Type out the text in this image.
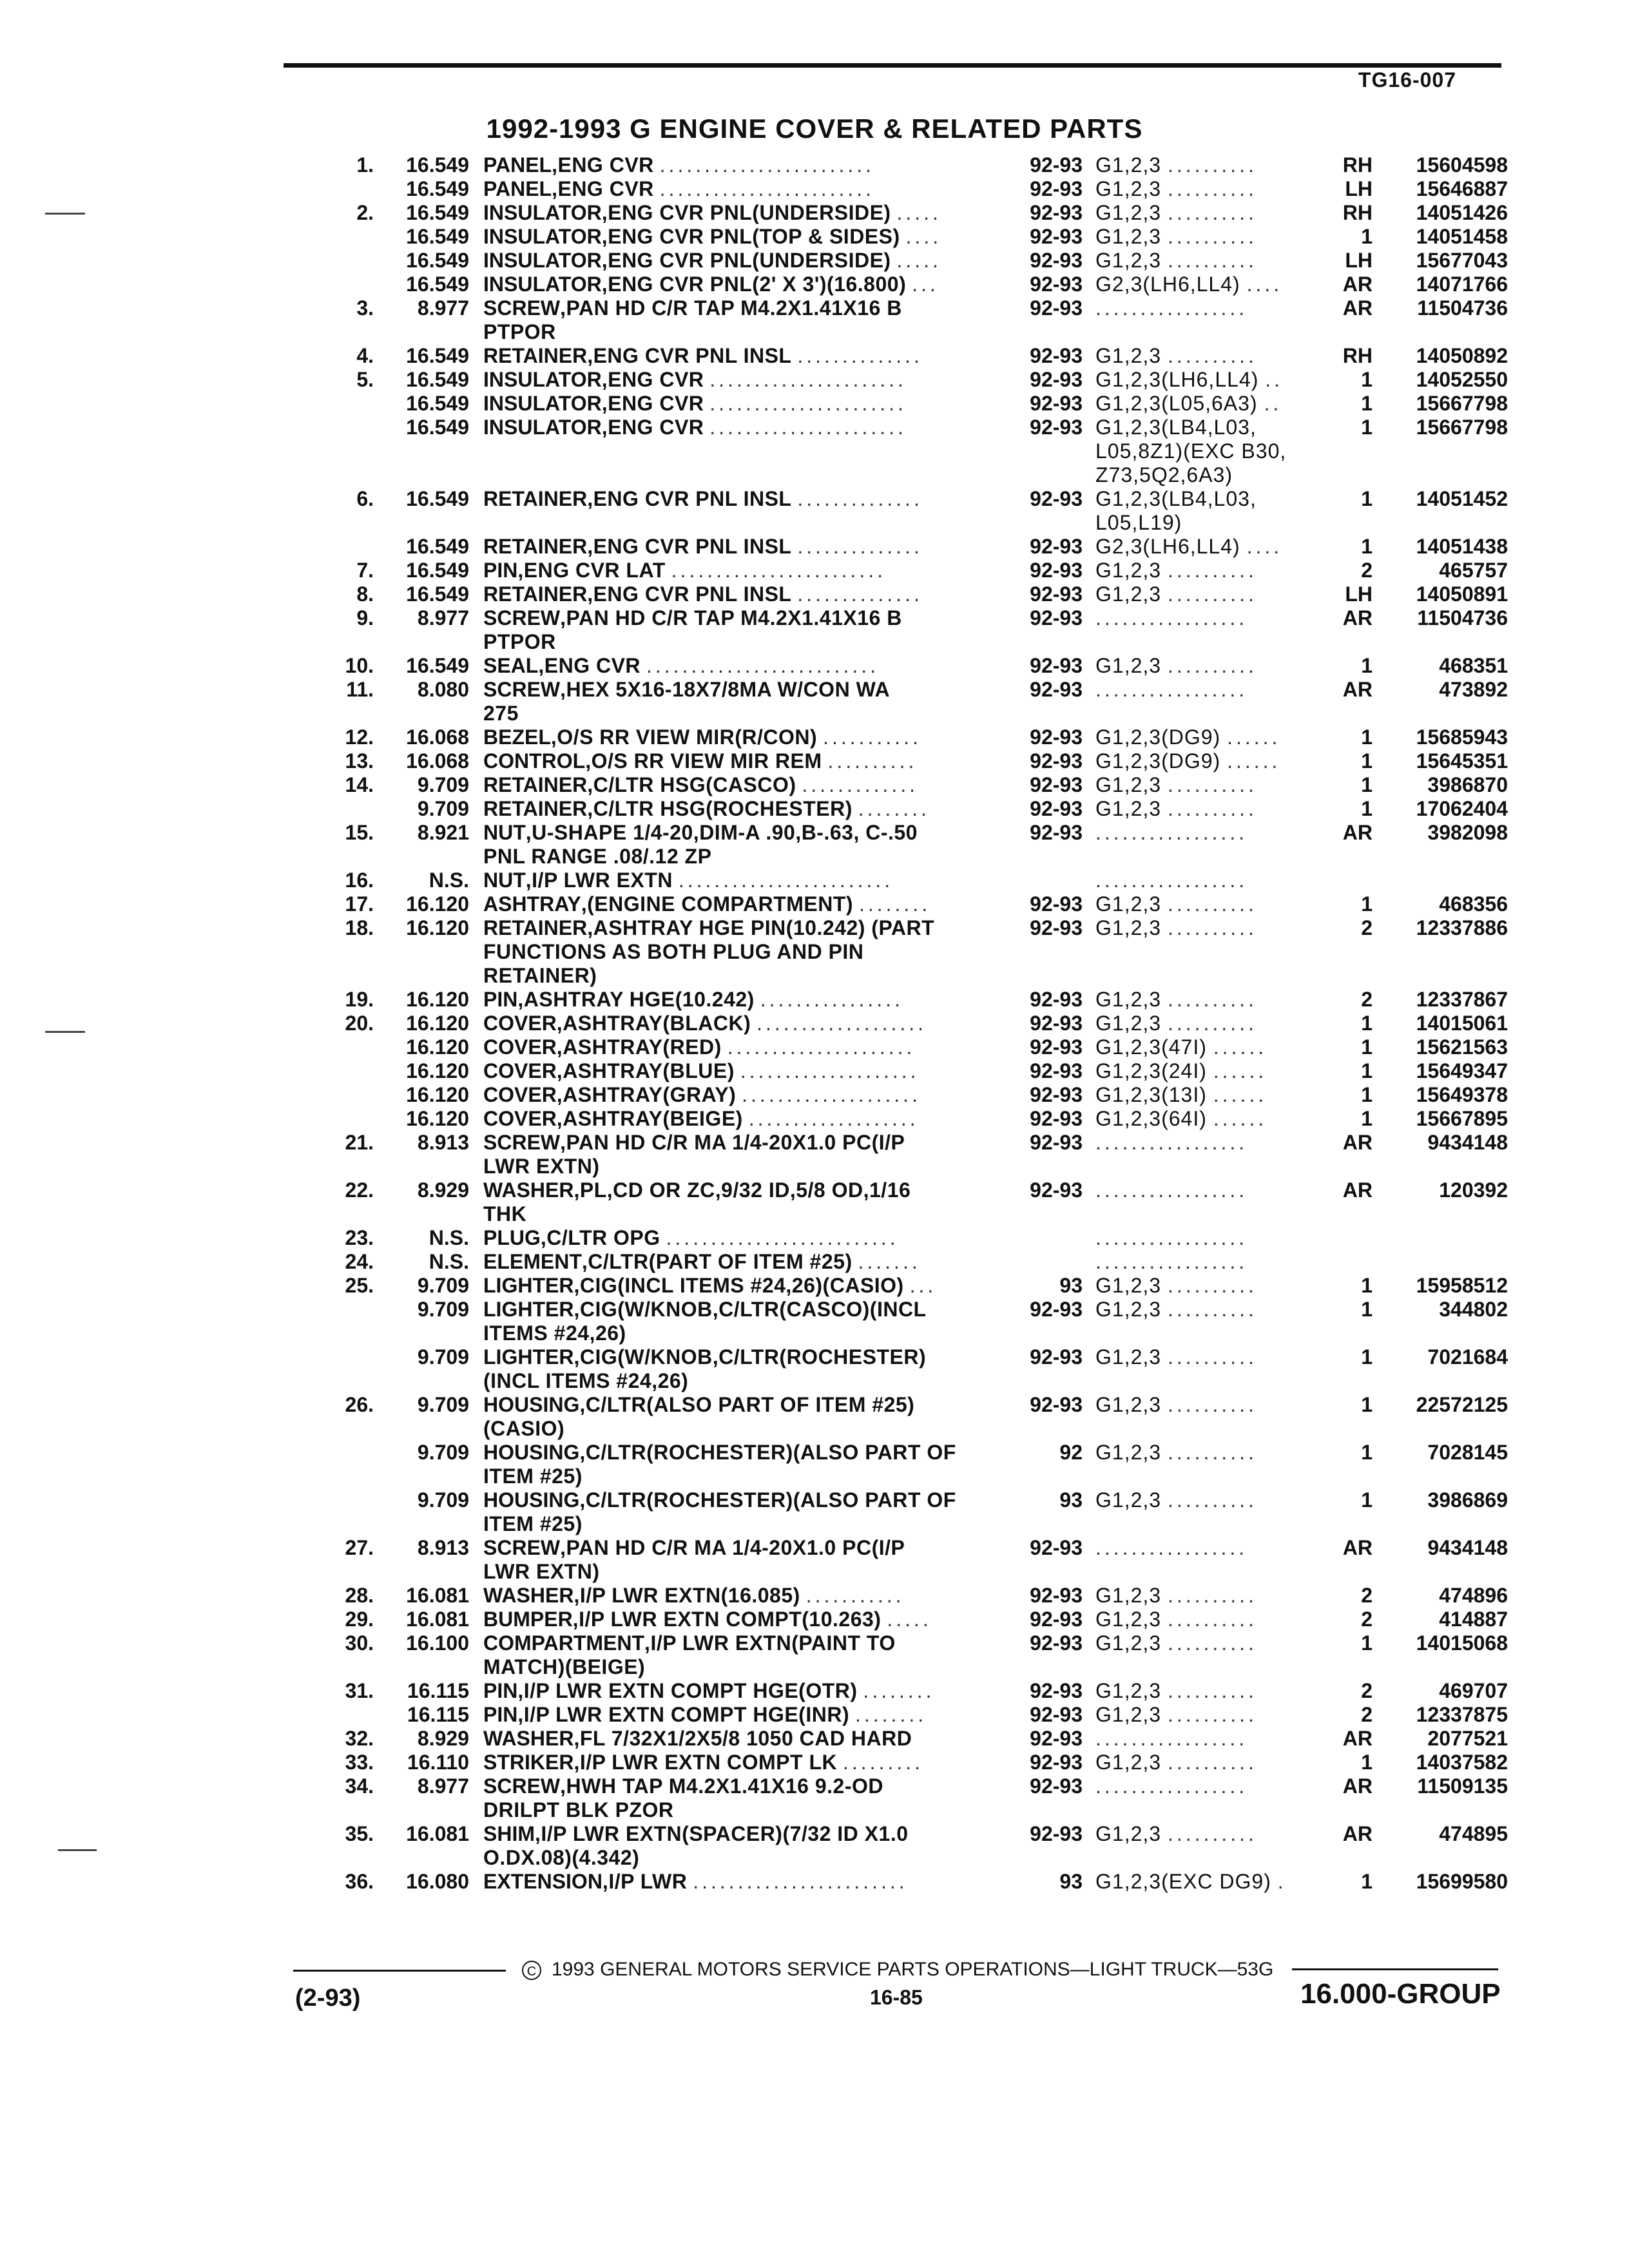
TG16-007
1992-1993 G ENGINE COVER & RELATED PARTS
1.	16.549 PANEL,ENG CVR ........................	92-93 G1,2,3 ..........	RH	15604598
16.549 PANEL,ENG CVR ........................	92-93 G1,2,3 ..........	LH	15646887
2.	16.549 INSULATOR,ENG CVR PNL(UNDERSIDE) .....	92-93 G1,2,3 ..........	RH	14051426
16.549 INSULATOR,ENG CVR PNL(TOP & SIDES) ....	92-93 G1,2,3 ..........	1	14051458
16.549 INSULATOR,ENG CVR PNL(UNDERSIDE) .....	92-93 G1,2,3 ..........	LH	15677043
16.549 INSULATOR,ENG CVR PNL(2' X 3')(16.800) ...	92-93 G2,3(LH6,LL4) ....	AR	14071766
3.	8.977 SCREW,PAN HD C/R TAP M4.2X1.41X16 B	92-93 .................	AR	11504736
PTPOR
4.	16.549 RETAINER,ENG CVR PNL INSL ..............	92-93 G1,2,3 ..........	RH	14050892
5.	16.549 INSULATOR,ENG CVR ......................	92-93 G1,2,3(LH6,LL4) ..	1	14052550
16.549 INSULATOR,ENG CVR ......................	92-93 G1,2,3(L05,6A3) ..	1	15667798
16.549 INSULATOR,ENG CVR ......................	92-93 G1,2,3(LB4,L03,	1	15667798
L05,8Z1)(EXC B30,
Z73,5Q2,6A3)
6.	16.549 RETAINER,ENG CVR PNL INSL ..............	92-93 G1,2,3(LB4,L03,	1	14051452
L05,L19)
16.549 RETAINER,ENG CVR PNL INSL ..............	92-93 G2,3(LH6,LL4) ....	1	14051438
7.	16.549 PIN,ENG CVR LAT ........................	92-93 G1,2,3 ..........	2	465757
8.	16.549 RETAINER,ENG CVR PNL INSL ..............	92-93 G1,2,3 ..........	LH	14050891
9.	8.977 SCREW,PAN HD C/R TAP M4.2X1.41X16 B	92-93 .................	AR	11504736
PTPOR
10.	16.549 SEAL,ENG CVR ..........................	92-93 G1,2,3 ..........	1	468351
11.	8.080 SCREW,HEX 5X16-18X7/8MA W/CON WA	92-93 .................	AR	473892
275
12.	16.068 BEZEL,O/S RR VIEW MIR(R/CON) ...........	92-93 G1,2,3(DG9) ......	1	15685943
13.	16.068 CONTROL,O/S RR VIEW MIR REM ..........	92-93 G1,2,3(DG9) ......	1	15645351
14.	9.709 RETAINER,C/LTR HSG(CASCO) .............	92-93 G1,2,3 ..........	1	3986870
9.709 RETAINER,C/LTR HSG(ROCHESTER) ........	92-93 G1,2,3 ..........	1	17062404
15.	8.921 NUT,U-SHAPE 1/4-20,DIM-A .90,B-.63, C-.50	92-93 .................	AR	3982098
PNL RANGE .08/.12 ZP
16.	N.S. NUT,I/P LWR EXTN ........................	.................
17.	16.120 ASHTRAY,(ENGINE COMPARTMENT) ........	92-93 G1,2,3 ..........	1	468356
18.	16.120 RETAINER,ASHTRAY HGE PIN(10.242) (PART	92-93 G1,2,3 ..........	2	12337886
FUNCTIONS AS BOTH PLUG AND PIN
RETAINER)
19.	16.120 PIN,ASHTRAY HGE(10.242) ................	92-93 G1,2,3 ..........	2	12337867
20.	16.120 COVER,ASHTRAY(BLACK) ...................	92-93 G1,2,3 ..........	1	14015061
16.120 COVER,ASHTRAY(RED) .....................	92-93 G1,2,3(47I) ......	1	15621563
16.120 COVER,ASHTRAY(BLUE) ....................	92-93 G1,2,3(24I) ......	1	15649347
16.120 COVER,ASHTRAY(GRAY) ....................	92-93 G1,2,3(13I) ......	1	15649378
16.120 COVER,ASHTRAY(BEIGE) ...................	92-93 G1,2,3(64I) ......	1	15667895
21.	8.913 SCREW,PAN HD C/R MA 1/4-20X1.0 PC(I/P	92-93 .................	AR	9434148
LWR EXTN)
22.	8.929 WASHER,PL,CD OR ZC,9/32 ID,5/8 OD,1/16	92-93 .................	AR	120392
THK
23.	N.S. PLUG,C/LTR OPG ..........................	.................
24.	N.S. ELEMENT,C/LTR(PART OF ITEM #25) .......	.................
25.	9.709 LIGHTER,CIG(INCL ITEMS #24,26)(CASIO) ...	93 G1,2,3 ..........	1	15958512
9.709 LIGHTER,CIG(W/KNOB,C/LTR(CASCO)(INCL	92-93 G1,2,3 ..........	1	344802
ITEMS #24,26)
9.709 LIGHTER,CIG(W/KNOB,C/LTR(ROCHESTER)	92-93 G1,2,3 ..........	1	7021684
(INCL ITEMS #24,26)
26.	9.709 HOUSING,C/LTR(ALSO PART OF ITEM #25)	92-93 G1,2,3 ..........	1	22572125
(CASIO)
9.709 HOUSING,C/LTR(ROCHESTER)(ALSO PART OF	92 G1,2,3 ..........	1	7028145
ITEM #25)
9.709 HOUSING,C/LTR(ROCHESTER)(ALSO PART OF	93 G1,2,3 ..........	1	3986869
ITEM #25)
27.	8.913 SCREW,PAN HD C/R MA 1/4-20X1.0 PC(I/P	92-93 .................	AR	9434148
LWR EXTN)
28.	16.081 WASHER,I/P LWR EXTN(16.085) ...........	92-93 G1,2,3 ..........	2	474896
29.	16.081 BUMPER,I/P LWR EXTN COMPT(10.263) .....	92-93 G1,2,3 ..........	2	414887
30.	16.100 COMPARTMENT,I/P LWR EXTN(PAINT TO	92-93 G1,2,3 ..........	1	14015068
MATCH)(BEIGE)
31.	16.115 PIN,I/P LWR EXTN COMPT HGE(OTR) ........	92-93 G1,2,3 ..........	2	469707
16.115 PIN,I/P LWR EXTN COMPT HGE(INR) ........	92-93 G1,2,3 ..........	2	12337875
32.	8.929 WASHER,FL 7/32X1/2X5/8 1050 CAD HARD	92-93 .................	AR	2077521
33.	16.110 STRIKER,I/P LWR EXTN COMPT LK .........	92-93 G1,2,3 ..........	1	14037582
34.	8.977 SCREW,HWH TAP M4.2X1.41X16 9.2-OD	92-93 .................	AR	11509135
DRILPT BLK PZOR
35.	16.081 SHIM,I/P LWR EXTN(SPACER)(7/32 ID X1.0	92-93 G1,2,3 ..........	AR	474895
O.DX.08)(4.342)
36.	16.080 EXTENSION,I/P LWR ........................	93 G1,2,3(EXC DG9) .	1	15699580
C 1993 GENERAL MOTORS SERVICE PARTS OPERATIONS—LIGHT TRUCK—53G
(2-93)	16-85	16.000-GROUP
